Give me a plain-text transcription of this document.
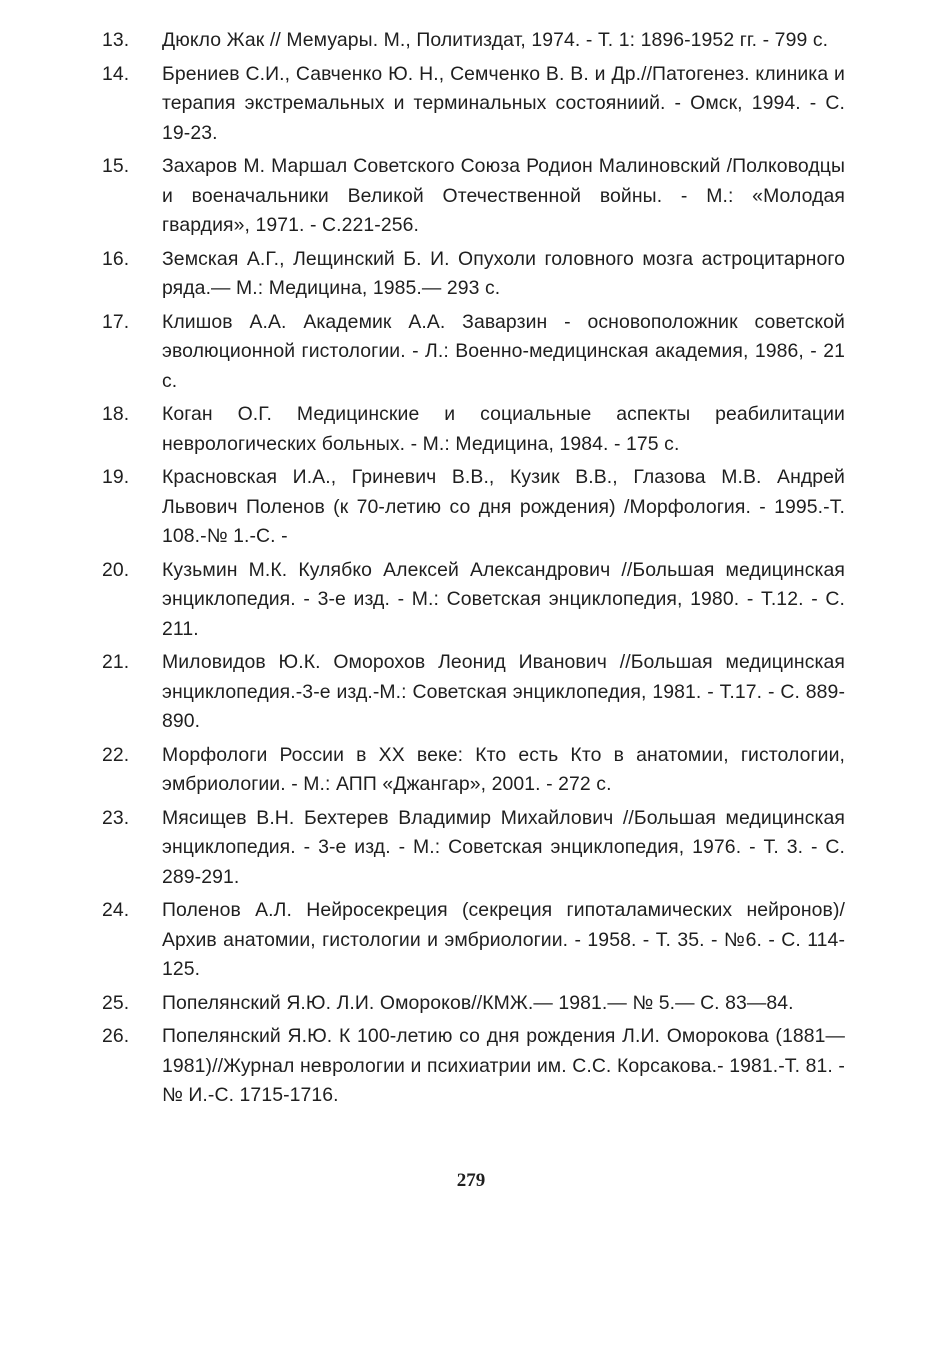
13.	Дюкло Жак // Мемуары. М., Политиздат, 1974. - Т. 1: 1896-1952 гг. - 799 с.
14.	Брениев С.И., Савченко Ю. Н., Семченко В. В. и Др.//Патогенез. клиника и терапия экстремальных и терминальных состояниий. - Омск, 1994. - С. 19-23.
15.	Захаров М. Маршал Советского Союза Родион Малиновский /Полководцы и военачальники Великой Отечественной войны. - М.: «Молодая гвардия», 1971. - С.221-256.
16.	Земская А.Г., Лещинский Б. И. Опухоли головного мозга астроцитарного ряда.— М.: Медицина, 1985.— 293 с.
17.	Клишов А.А. Академик А.А. Заварзин - основоположник советской эволюционной гистологии. - Л.: Военно-медицинская академия, 1986, - 21 с.
18.	Коган О.Г. Медицинские и социальные аспекты реабилитации неврологических больных. - М.: Медицина, 1984. - 175 с.
19.	Красновская И.А., Гриневич В.В., Кузик В.В., Глазова М.В. Андрей Львович Поленов (к 70-летию со дня рождения) /Морфология. - 1995.-Т. 108.-№ 1.-С. -
20.	Кузьмин М.К. Кулябко Алексей Александрович //Большая медицинская энциклопедия. - 3-е изд. - М.: Советская энциклопедия, 1980. - Т.12. - С. 211.
21.	Миловидов Ю.К. Оморохов Леонид Иванович //Большая медицинская энциклопедия.-3-е изд.-М.: Советская энциклопедия, 1981. - Т.17. - С. 889-890.
22.	Морфологи России в XX веке: Кто есть Кто в анатомии, гистологии, эмбриологии. - М.: АПП «Джангар», 2001. - 272 с.
23.	Мясищев В.Н. Бехтерев Владимир Михайлович //Большая медицинская энциклопедия. - 3-е изд. - М.: Советская энциклопедия, 1976. - Т. 3. - С. 289-291.
24.	Поленов А.Л. Нейросекреция (секреция гипоталамических нейронов)/Архив анатомии, гистологии и эмбриологии. - 1958. - Т. 35. - №6. - С. 114- 125.
25.	Попелянский Я.Ю. Л.И. Омороков//КМЖ.— 1981.— № 5.— С. 83—84.
26.	Попелянский Я.Ю. К 100-летию со дня рождения Л.И. Оморокова (1881— 1981)//Журнал неврологии и психиатрии им. С.С. Корсакова.- 1981.-Т. 81. -№ И.-С. 1715-1716.
279
